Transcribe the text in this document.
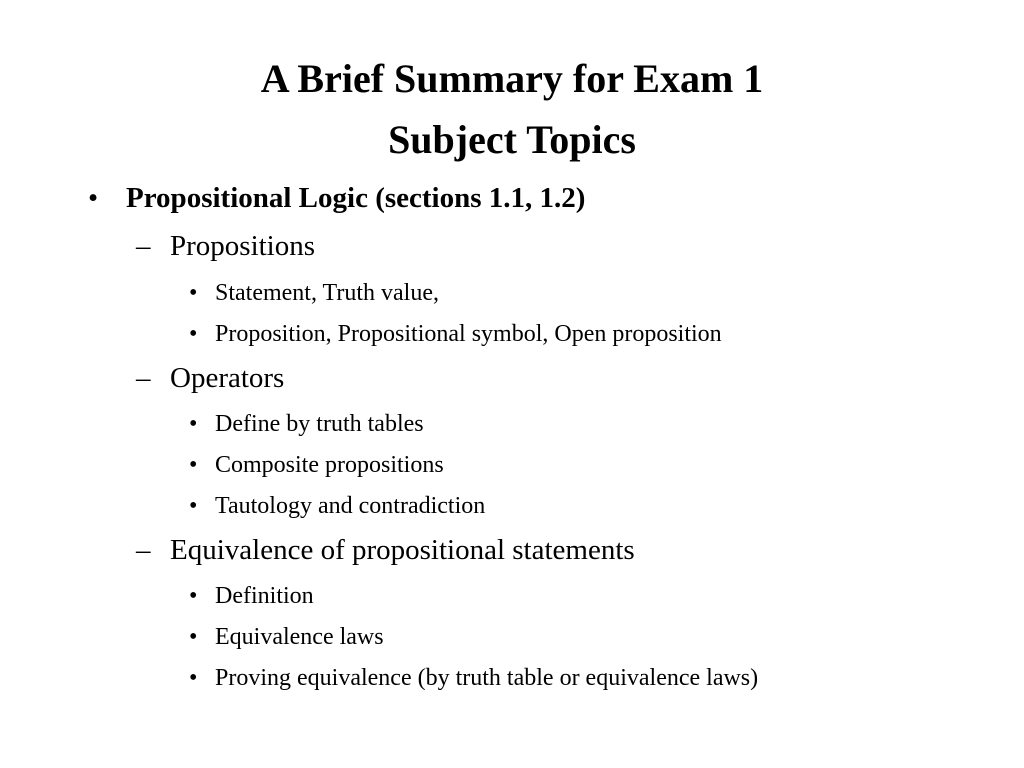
A Brief Summary for Exam 1
Subject Topics
• Propositional Logic (sections 1.1, 1.2)
– Propositions
• Statement, Truth value,
• Proposition, Propositional symbol, Open proposition
– Operators
• Define by truth tables
• Composite propositions
• Tautology and contradiction
– Equivalence of propositional statements
• Definition
• Equivalence laws
• Proving equivalence (by truth table or equivalence laws)
